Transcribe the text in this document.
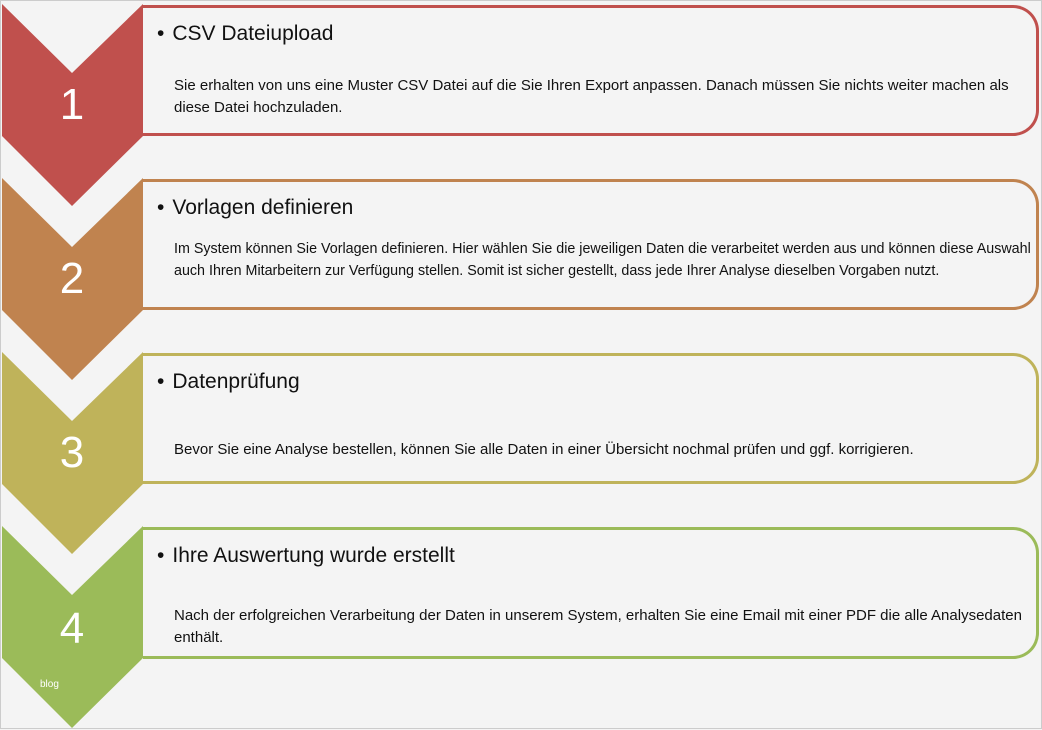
1
2
3
4
blog
• CSV Dateiupload
Sie erhalten von uns eine Muster CSV Datei auf die Sie Ihren Export anpassen. Danach müssen Sie nichts weiter machen als diese Datei hochzuladen.
• Vorlagen definieren
Im System können Sie Vorlagen definieren. Hier wählen Sie die jeweiligen Daten die verarbeitet werden aus und können diese Auswahl auch Ihren Mitarbeitern zur Verfügung stellen. Somit ist sicher gestellt, dass jede Ihrer Analyse dieselben Vorgaben nutzt.
• Datenprüfung
Bevor Sie eine Analyse bestellen, können Sie alle Daten in einer Übersicht nochmal prüfen und ggf. korrigieren.
• Ihre Auswertung wurde erstellt
Nach der erfolgreichen Verarbeitung der Daten in unserem System, erhalten Sie eine Email mit einer PDF die alle Analysedaten enthält.
